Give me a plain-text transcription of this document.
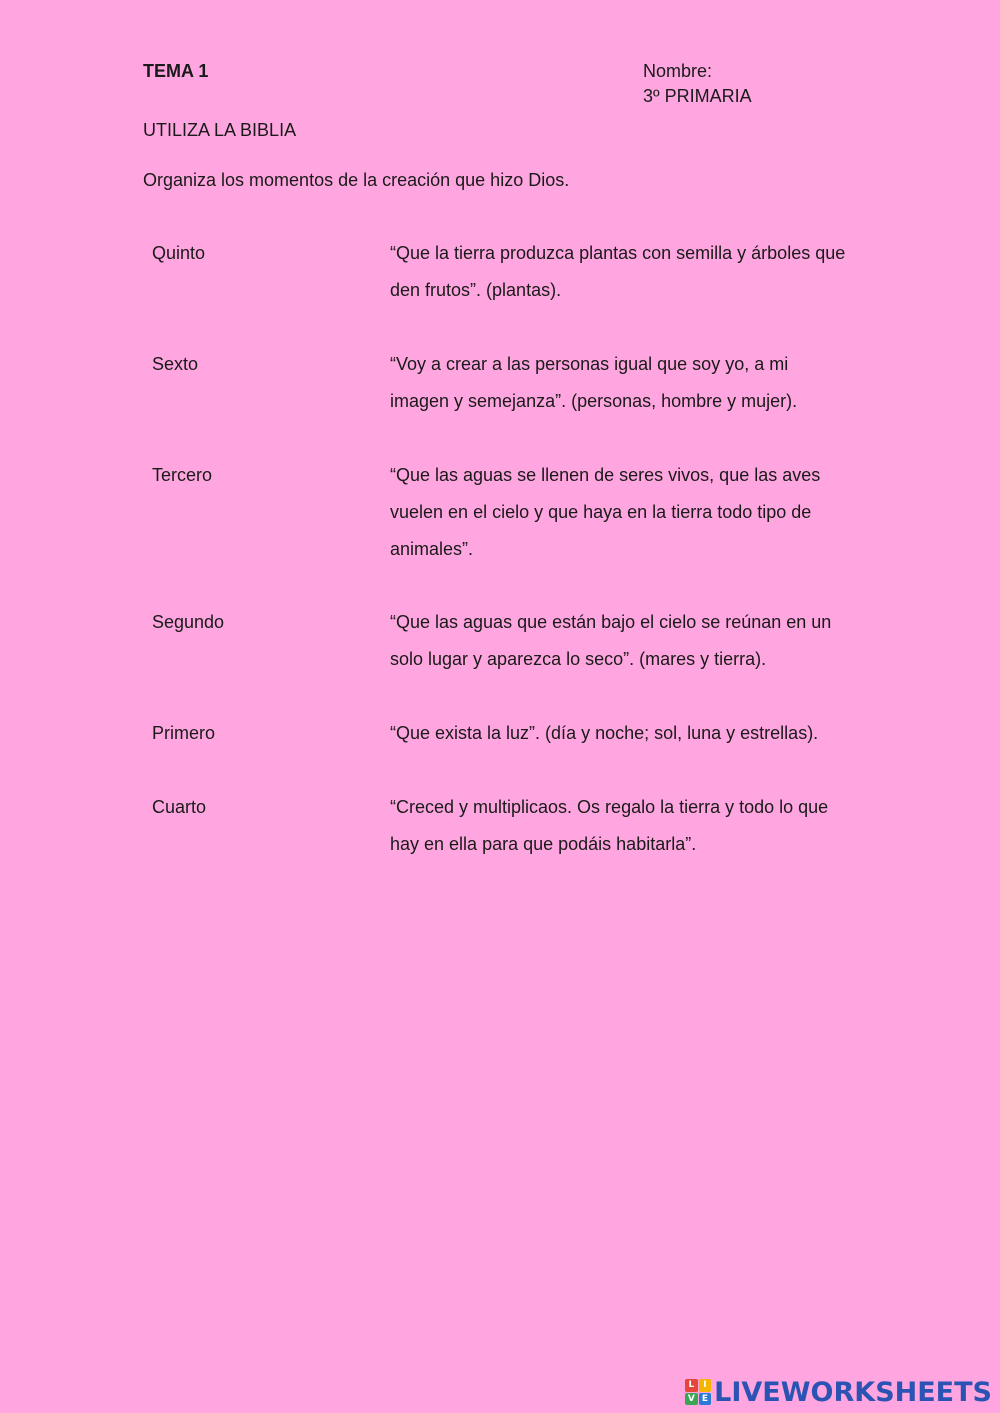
TEMA 1	Nombre:
3º PRIMARIA
UTILIZA LA BIBLIA
Organiza los momentos de la creación que hizo Dios.
Quinto	“Que la tierra produzca plantas con semilla y árboles que den frutos”. (plantas).
Sexto	“Voy a crear a las personas igual que soy yo, a mi imagen y semejanza”. (personas, hombre y mujer).
Tercero	“Que las aguas se llenen de seres vivos, que las aves vuelen en el cielo y que haya en la tierra todo tipo de animales”.
Segundo	“Que las aguas que están bajo el cielo se reúnan en un solo lugar y aparezca lo seco”. (mares y tierra).
Primero	“Que exista la luz”. (día y noche; sol, luna y estrellas).
Cuarto	“Creced y multiplicaos. Os regalo la tierra y todo lo que hay en ella para que podáis habitarla”.
L I
V E LIVEWORKSHEETS
